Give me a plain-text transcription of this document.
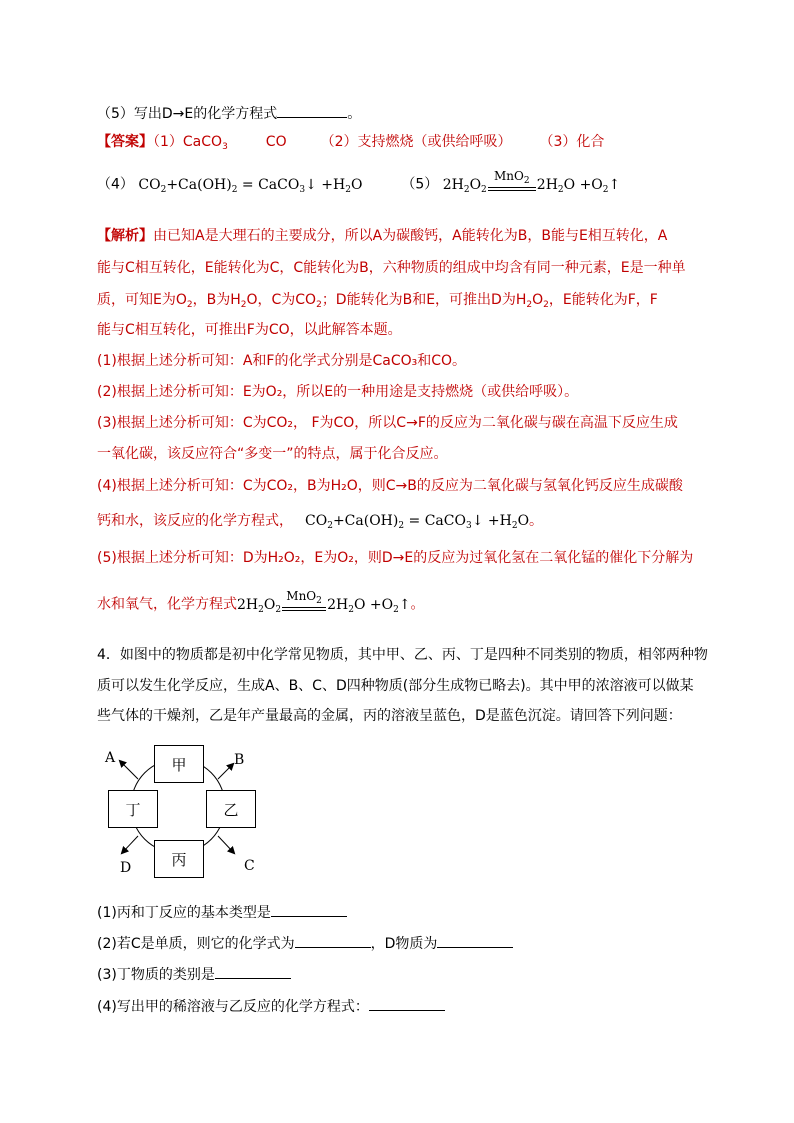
（5）写出D→E的化学方程式	。
【答案】（1）CaCO$_3$	CO （2）支持燃烧（或供给呼吸） （3）化合
（4） $CO_2+Ca(OH)_2$ = CaCO$_3$↓ $+H_2O$	（5） $2H_2O_2$
MnO$_2$ $2H_2O$ $+O_2↑$
【解析】由已知A是大理石的主要成分，所以A为碳酸钙，A能转化为B，B能与E相互转化，A
能与C相互转化，E能转化为C，C能转化为B，六种物质的组成中均含有同一种元素，E是一种单
质，可知E为$O_2$，B为$H_2O$，C为$CO_2$；D能转化为B和E，可推出D为$H_2O_2$，E能转化为F，F
能与C相互转化，可推出F为CO，以此解答本题。
(1)根据上述分析可知：A和F的化学式分别是CaCO₃和CO。
(2)根据上述分析可知：E为O₂，所以E的一种用途是支持燃烧（或供给呼吸）。
(3)根据上述分析可知：C为CO₂， F为CO，所以C→F的反应为二氧化碳与碳在高温下反应生成
一氧化碳，该反应符合“多变一”的特点，属于化合反应。
(4)根据上述分析可知：C为CO₂，B为H₂O，则C→B的反应为二氧化碳与氢氧化钙反应生成碳酸
钙和水，该反应的化学方程式， $CO_2+Ca(OH)_2$ = CaCO$_3$↓ $+H_2O$。
(5)根据上述分析可知：D为H₂O₂，E为O₂，则D→E的反应为过氧化氢在二氧化锰的催化下分解为
水和氧气，化学方程式$2H_2O_2$
MnO$_2$ $2H_2O$ $+O_2↑$。
4．如图中的物质都是初中化学常见物质，其中甲、乙、丙、丁是四种不同类别的物质，相邻两种物
质可以发生化学反应，生成A、B、C、D四种物质(部分生成物已略去)。其中甲的浓溶液可以做某
些气体的干燥剂，乙是年产量最高的金属，丙的溶液呈蓝色，D是蓝色沉淀。请回答下列问题：
甲
乙
丙
丁
A	B
C
D
(1)丙和丁反应的基本类型是
(2)若C是单质，则它的化学式为	，D物质为
(3)丁物质的类别是
(4)写出甲的稀溶液与乙反应的化学方程式：
